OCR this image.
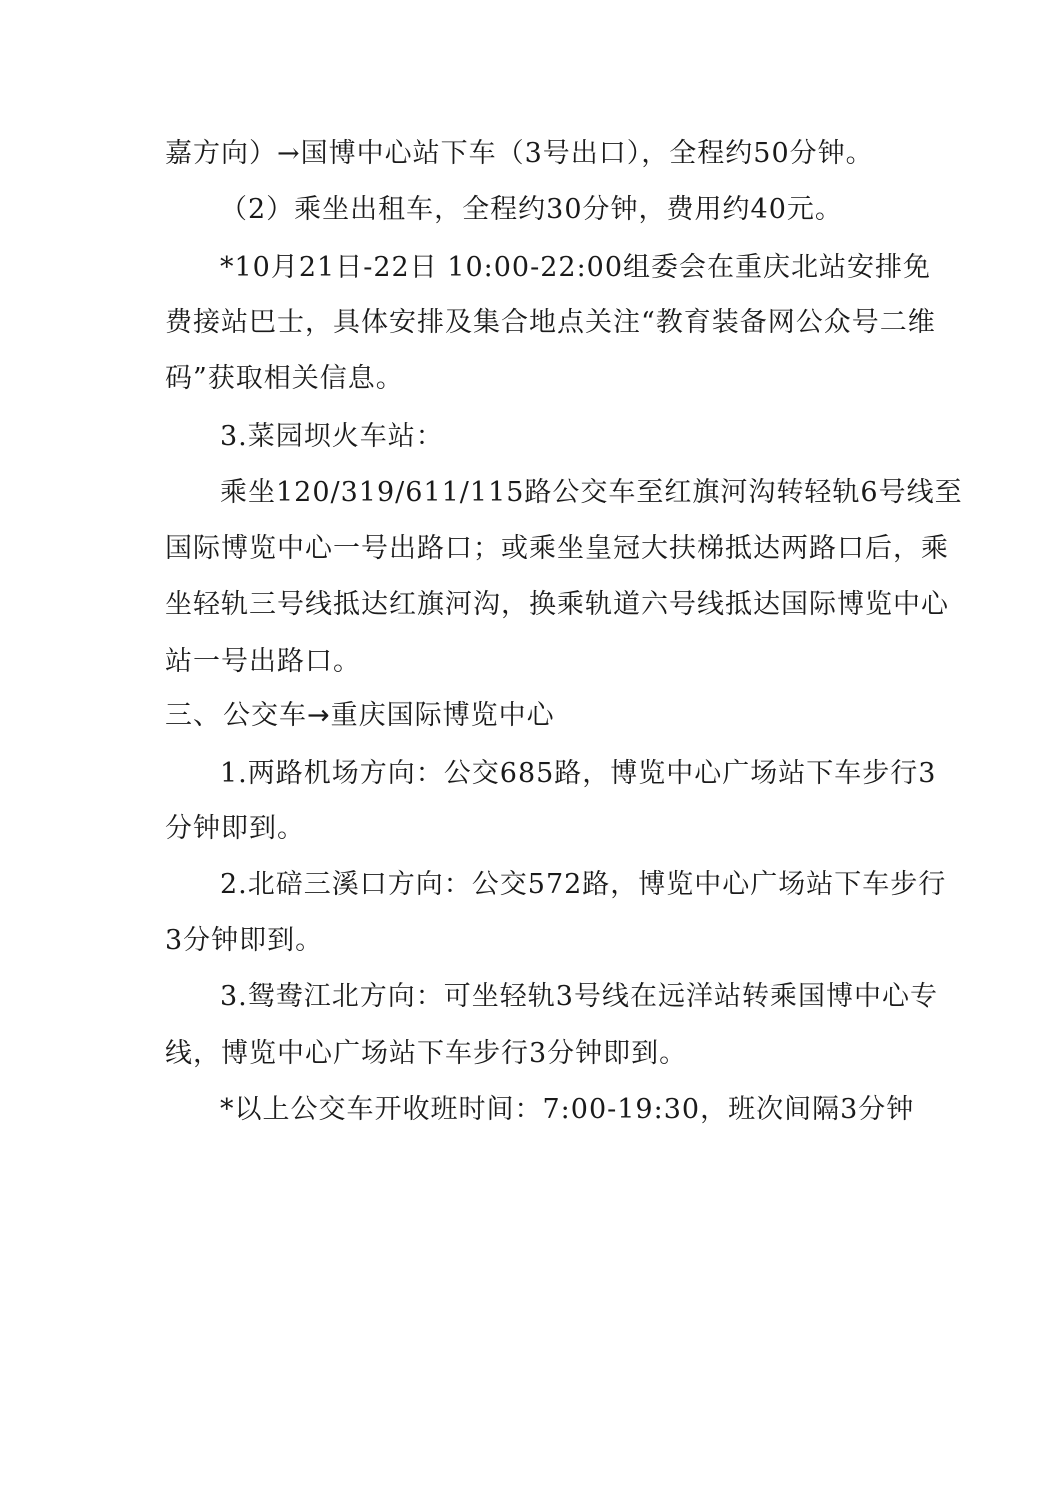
嘉方向）→国博中心站下车（3号出口），全程约50分钟。
（2）乘坐出租车，全程约30分钟，费用约40元。
*10月21日-22日 10:00-22:00组委会在重庆北站安排免
费接站巴士，具体安排及集合地点关注“教育装备网公众号二维
码”获取相关信息。
3.菜园坝火车站：
乘坐120/319/611/115路公交车至红旗河沟转轻轨6号线至
国际博览中心一号出路口；或乘坐皇冠大扶梯抵达两路口后，乘
坐轻轨三号线抵达红旗河沟，换乘轨道六号线抵达国际博览中心
站一号出路口。
三、公交车→重庆国际博览中心
1.两路机场方向：公交685路，博览中心广场站下车步行3
分钟即到。
2.北碚三溪口方向：公交572路，博览中心广场站下车步行
3分钟即到。
3.鸳鸯江北方向：可坐轻轨3号线在远洋站转乘国博中心专
线，博览中心广场站下车步行3分钟即到。
*以上公交车开收班时间：7:00-19:30，班次间隔3分钟
